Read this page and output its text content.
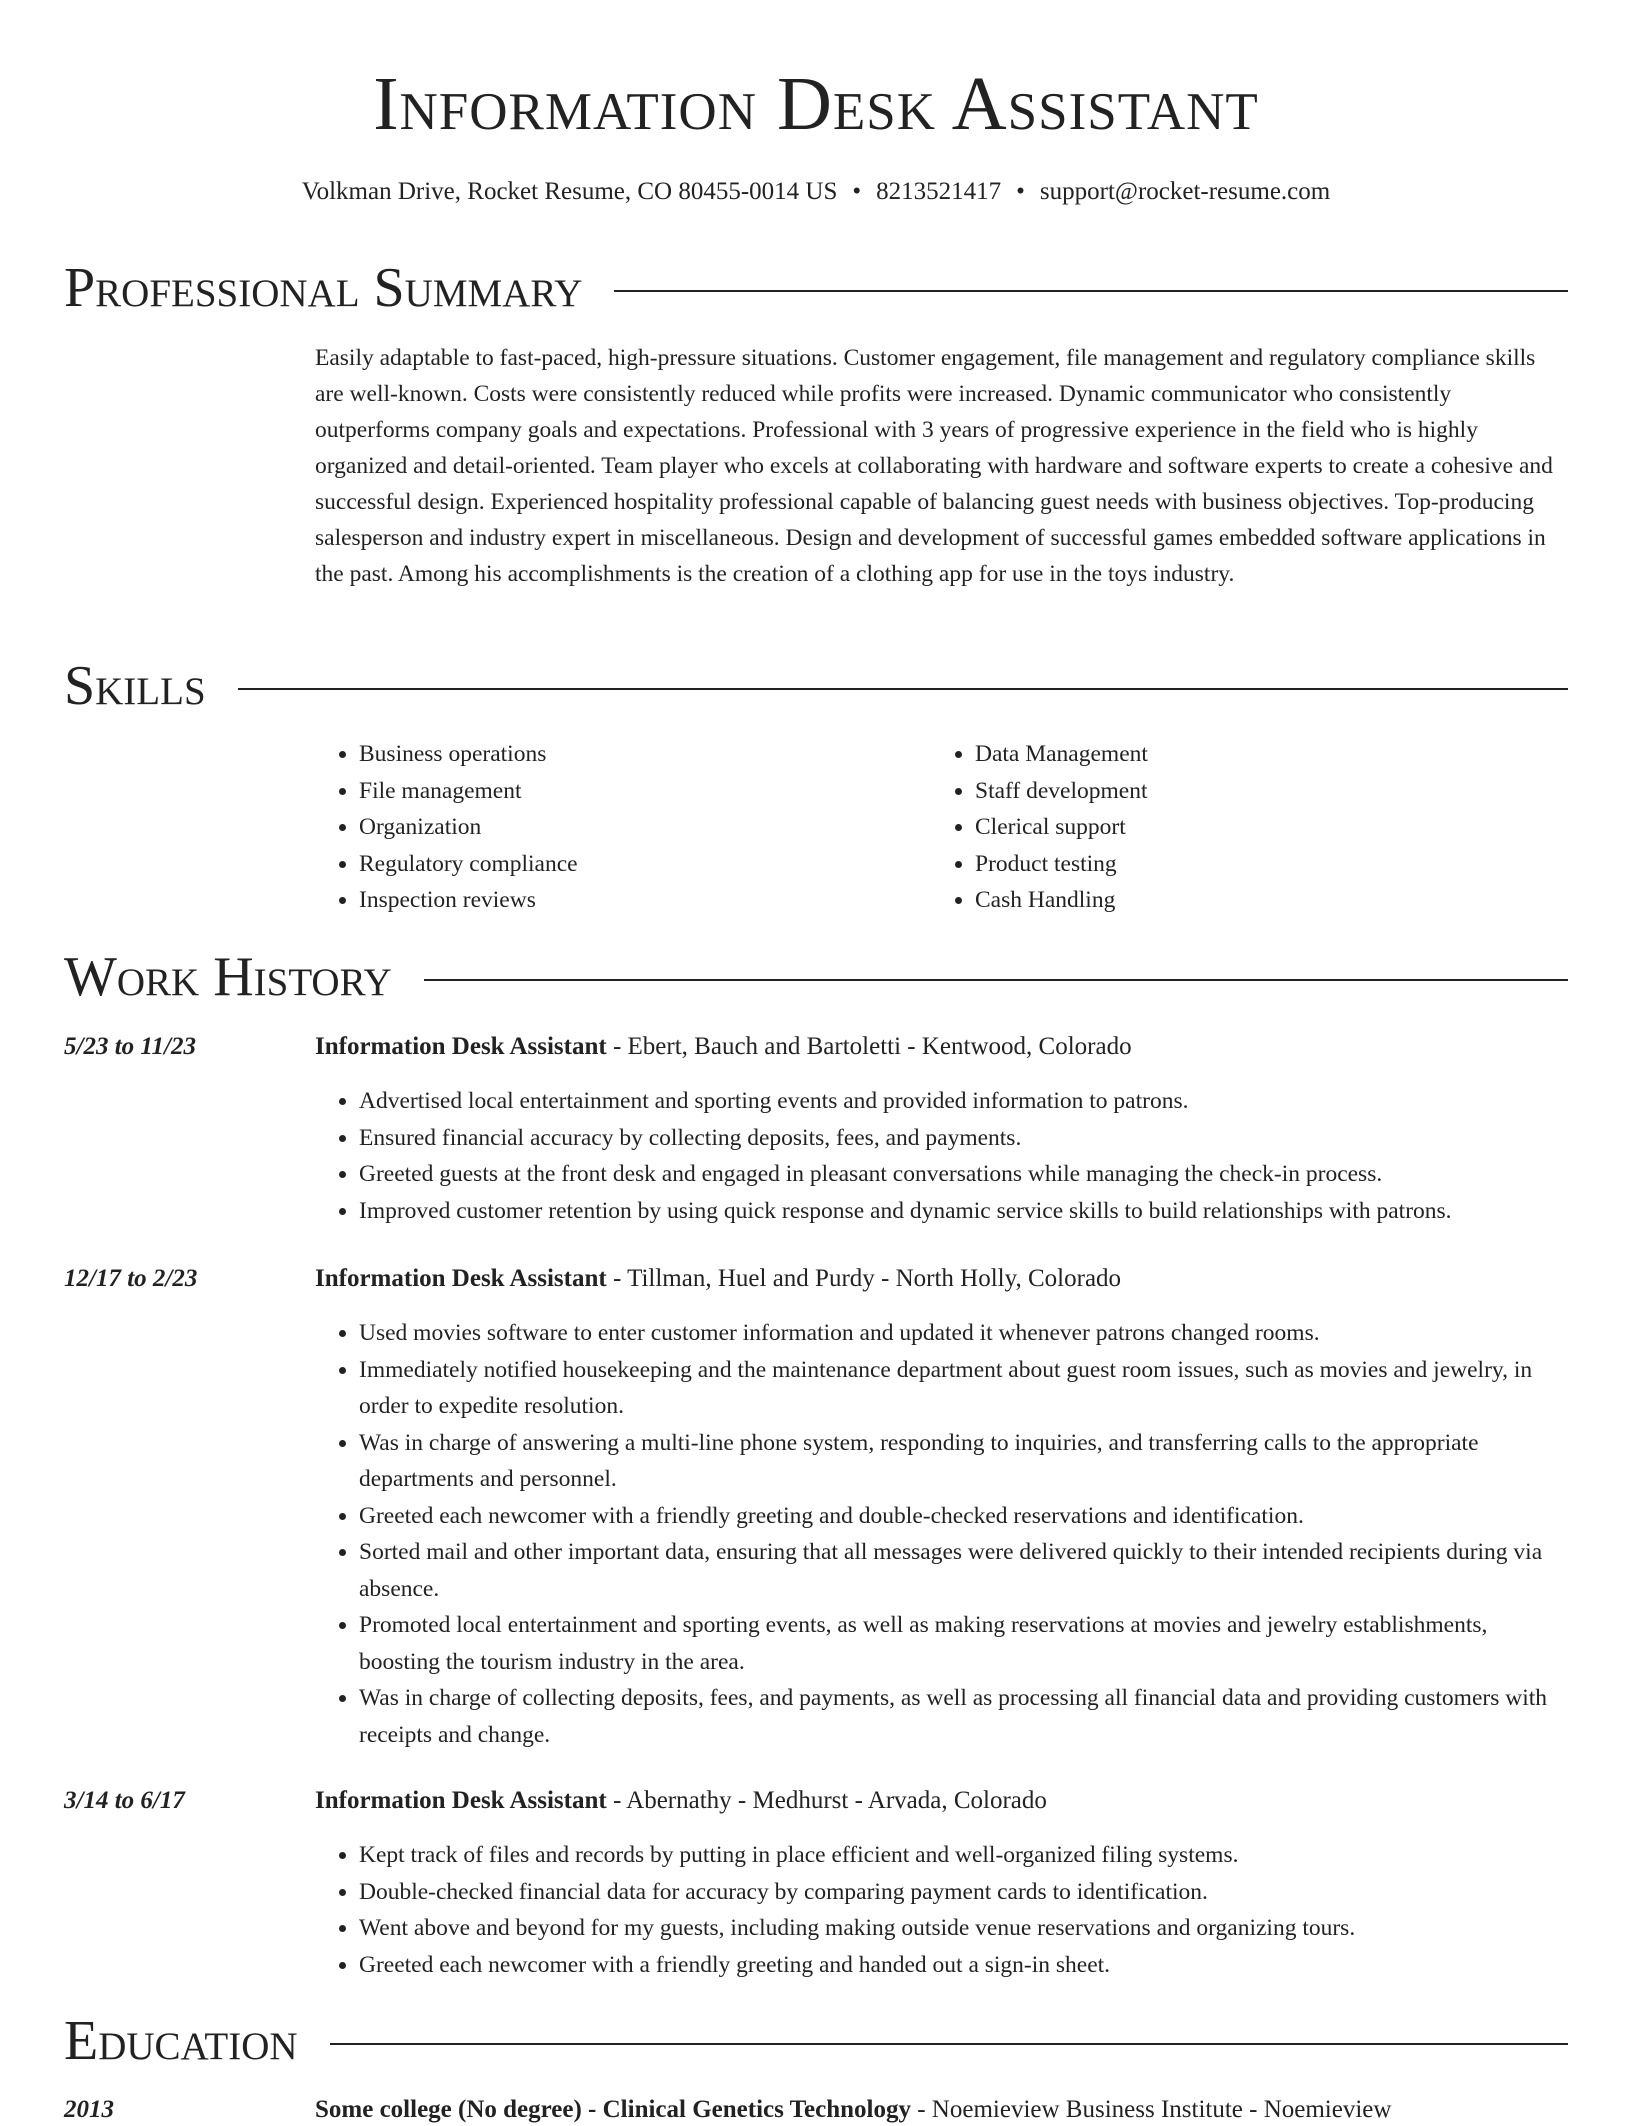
Information Desk Assistant
Volkman Drive, Rocket Resume, CO 80455-0014 US • 8213521417 • support@rocket-resume.com
Professional Summary

Easily adaptable to fast-paced, high-pressure situations. Customer engagement, file management and regulatory compliance skills are well-known. Costs were consistently reduced while profits were increased. Dynamic communicator who consistently outperforms company goals and expectations. Professional with 3 years of progressive experience in the field who is highly organized and detail-oriented. Team player who excels at collaborating with hardware and software experts to create a cohesive and successful design. Experienced hospitality professional capable of balancing guest needs with business objectives. Top-producing salesperson and industry expert in miscellaneous. Design and development of successful games embedded software applications in the past. Among his accomplishments is the creation of a clothing app for use in the toys industry.

Skills
• Business operations
• File management
• Organization
• Regulatory compliance
• Inspection reviews
• Data Management
• Staff development
• Clerical support
• Product testing
• Cash Handling
Work History
5/23 to 11/23	Information Desk Assistant - Ebert, Bauch and Bartoletti - Kentwood, Colorado
• Advertised local entertainment and sporting events and provided information to patrons.
• Ensured financial accuracy by collecting deposits, fees, and payments.
• Greeted guests at the front desk and engaged in pleasant conversations while managing the check-in process.
• Improved customer retention by using quick response and dynamic service skills to build relationships with patrons.
12/17 to 2/23	Information Desk Assistant - Tillman, Huel and Purdy - North Holly, Colorado
• Used movies software to enter customer information and updated it whenever patrons changed rooms.
• Immediately notified housekeeping and the maintenance department about guest room issues, such as movies and jewelry, in order to expedite resolution.
• Was in charge of answering a multi-line phone system, responding to inquiries, and transferring calls to the appropriate departments and personnel.
• Greeted each newcomer with a friendly greeting and double-checked reservations and identification.
• Sorted mail and other important data, ensuring that all messages were delivered quickly to their intended recipients during via absence.
• Promoted local entertainment and sporting events, as well as making reservations at movies and jewelry establishments, boosting the tourism industry in the area.
• Was in charge of collecting deposits, fees, and payments, as well as processing all financial data and providing customers with receipts and change.
3/14 to 6/17	Information Desk Assistant - Abernathy - Medhurst - Arvada, Colorado
• Kept track of files and records by putting in place efficient and well-organized filing systems.
• Double-checked financial data for accuracy by comparing payment cards to identification.
• Went above and beyond for my guests, including making outside venue reservations and organizing tours.
• Greeted each newcomer with a friendly greeting and handed out a sign-in sheet.
Education
2013	Some college (No degree) - Clinical Genetics Technology - Noemieview Business Institute - Noemieview
